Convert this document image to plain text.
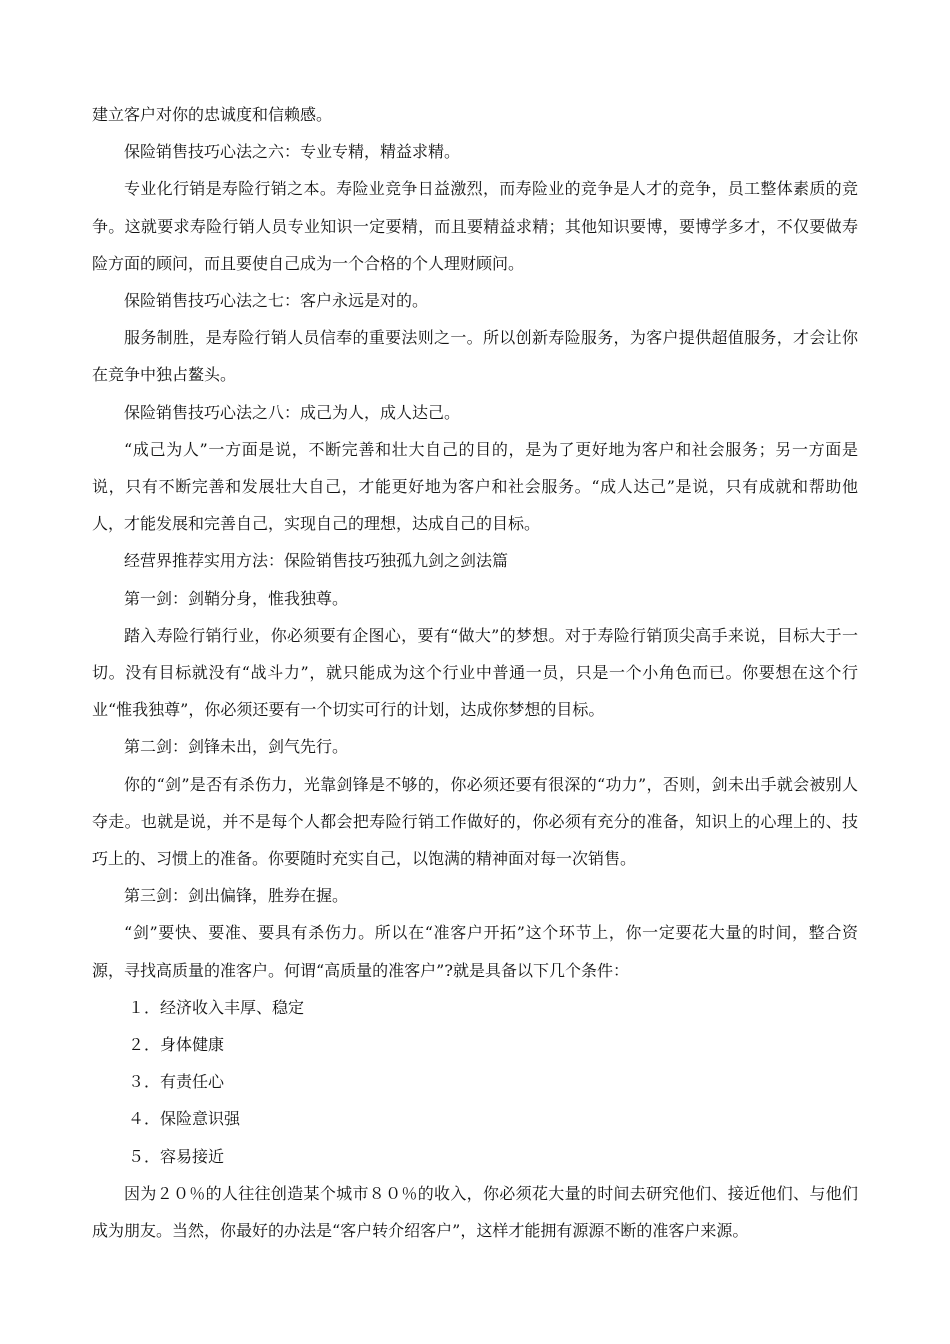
建立客户对你的忠诚度和信赖感。

保险销售技巧心法之六：专业专精，精益求精。

专业化行销是寿险行销之本。寿险业竞争日益激烈，而寿险业的竞争是人才的竞争，员工整体素质的竞争。这就要求寿险行销人员专业知识一定要精，而且要精益求精；其他知识要博，要博学多才，不仅要做寿险方面的顾问，而且要使自己成为一个合格的个人理财顾问。

保险销售技巧心法之七：客户永远是对的。

服务制胜，是寿险行销人员信奉的重要法则之一。所以创新寿险服务，为客户提供超值服务，才会让你在竞争中独占鳌头。

保险销售技巧心法之八：成己为人，成人达己。

“成己为人”一方面是说，不断完善和壮大自己的目的，是为了更好地为客户和社会服务；另一方面是说，只有不断完善和发展壮大自己，才能更好地为客户和社会服务。“成人达己”是说，只有成就和帮助他人，才能发展和完善自己，实现自己的理想，达成自己的目标。

经营界推荐实用方法：保险销售技巧独孤九剑之剑法篇

第一剑：剑鞘分身，惟我独尊。

踏入寿险行销行业，你必须要有企图心，要有“做大”的梦想。对于寿险行销顶尖高手来说，目标大于一切。没有目标就没有“战斗力”，就只能成为这个行业中普通一员，只是一个小角色而已。你要想在这个行业“惟我独尊”，你必须还要有一个切实可行的计划，达成你梦想的目标。

第二剑：剑锋未出，剑气先行。

你的“剑”是否有杀伤力，光靠剑锋是不够的，你必须还要有很深的“功力”，否则，剑未出手就会被别人夺走。也就是说，并不是每个人都会把寿险行销工作做好的，你必须有充分的准备，知识上的心理上的、技巧上的、习惯上的准备。你要随时充实自己，以饱满的精神面对每一次销售。

第三剑：剑出偏锋，胜券在握。

“剑”要快、要准、要具有杀伤力。所以在“准客户开拓”这个环节上，你一定要花大量的时间，整合资源，寻找高质量的准客户。何谓“高质量的准客户”?就是具备以下几个条件：

１．经济收入丰厚、稳定

２．身体健康

３．有责任心

４．保险意识强

５．容易接近

因为２０％的人往往创造某个城市８０％的收入，你必须花大量的时间去研究他们、接近他们、与他们成为朋友。当然，你最好的办法是“客户转介绍客户”，这样才能拥有源源不断的准客户来源。
